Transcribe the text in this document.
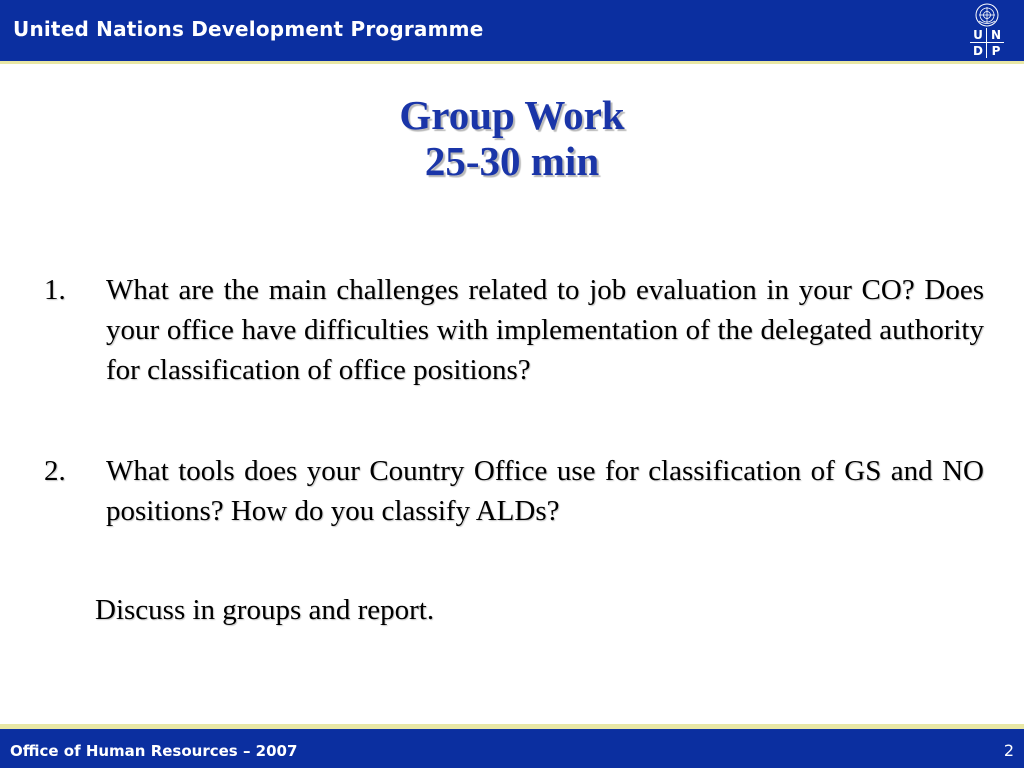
United Nations Development Programme	U N
D P
Group Work
25-30 min
1.	What are the main challenges related to job evaluation in your CO? Does your office have difficulties with implementation of the delegated authority for classification of office positions?
2.	What tools does your Country Office use for classification of GS and NO positions? How do you classify ALDs?
Discuss in groups and report.
Office of Human Resources – 2007	2
